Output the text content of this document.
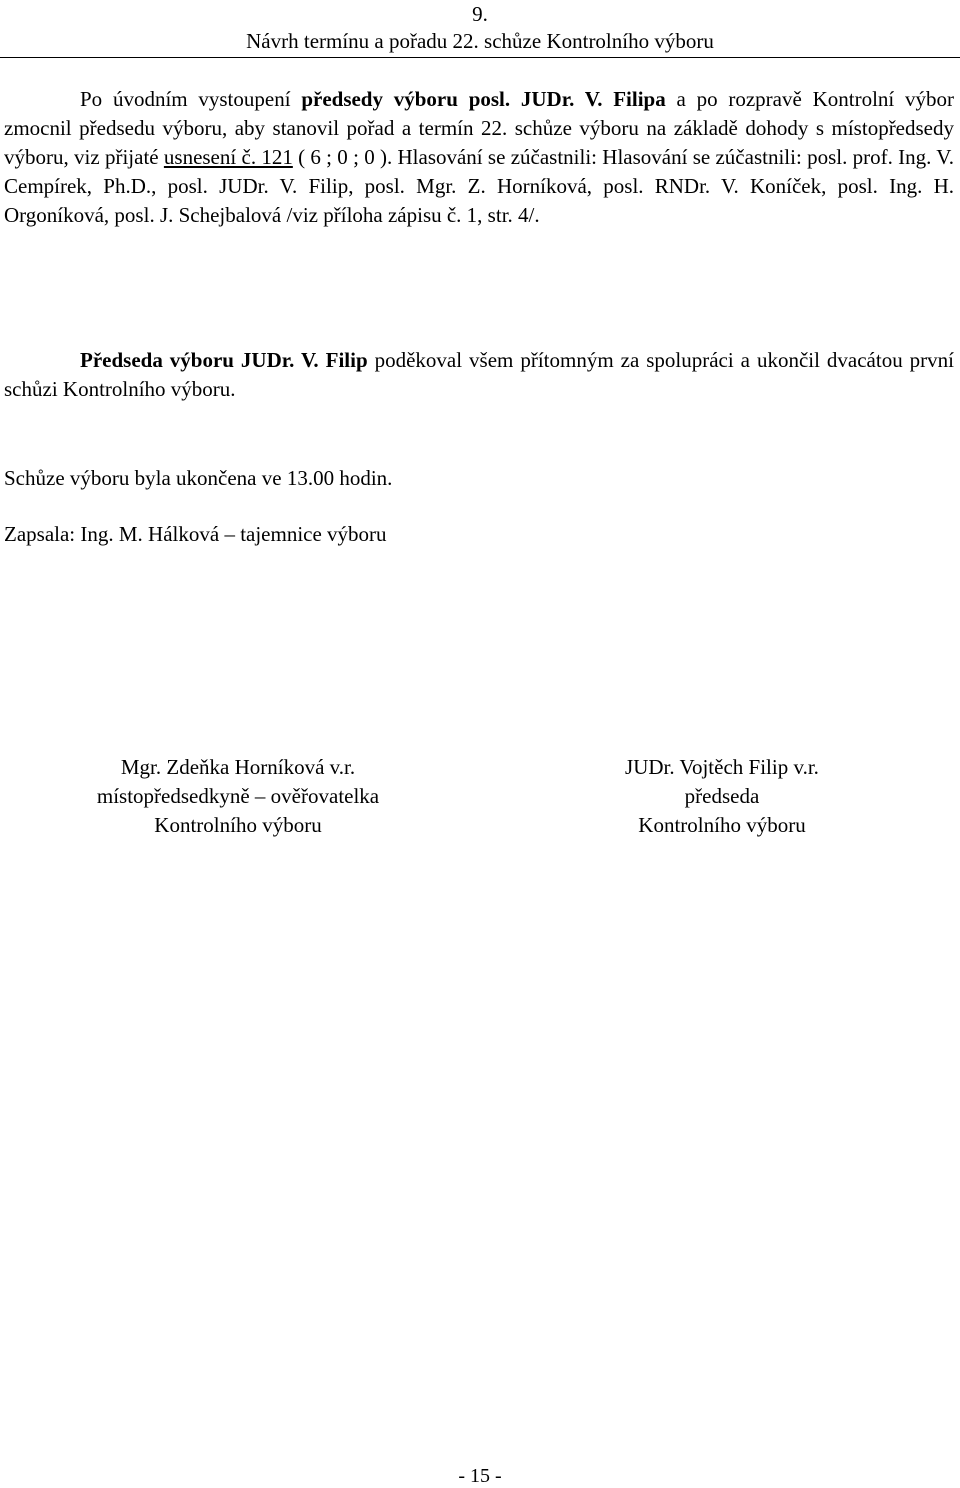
9.
Návrh termínu a pořadu 22. schůze Kontrolního výboru
Po úvodním vystoupení předsedy výboru posl. JUDr. V. Filipa a po rozpravě Kontrolní výbor zmocnil předsedu výboru, aby stanovil pořad a termín 22. schůze výboru na základě dohody s místopředsedy výboru, viz přijaté usnesení č. 121 ( 6 ; 0 ; 0 ). Hlasování se zúčastnili: Hlasování se zúčastnili: posl. prof. Ing. V. Cempírek, Ph.D., posl. JUDr. V. Filip, posl. Mgr. Z. Horníková, posl. RNDr. V. Koníček, posl. Ing. H. Orgoníková, posl. J. Schejbalová /viz příloha zápisu č. 1, str. 4/.
Předseda výboru JUDr. V. Filip poděkoval všem přítomným za spolupráci a ukončil dvacátou první schůzi Kontrolního výboru.
Schůze výboru byla ukončena ve 13.00 hodin.
Zapsala: Ing. M. Hálková – tajemnice výboru
Mgr. Zdeňka Horníková v.r.
místopředsedkyně – ověřovatelka
Kontrolního výboru
JUDr. Vojtěch Filip v.r.
předseda
Kontrolního výboru
- 15 -
